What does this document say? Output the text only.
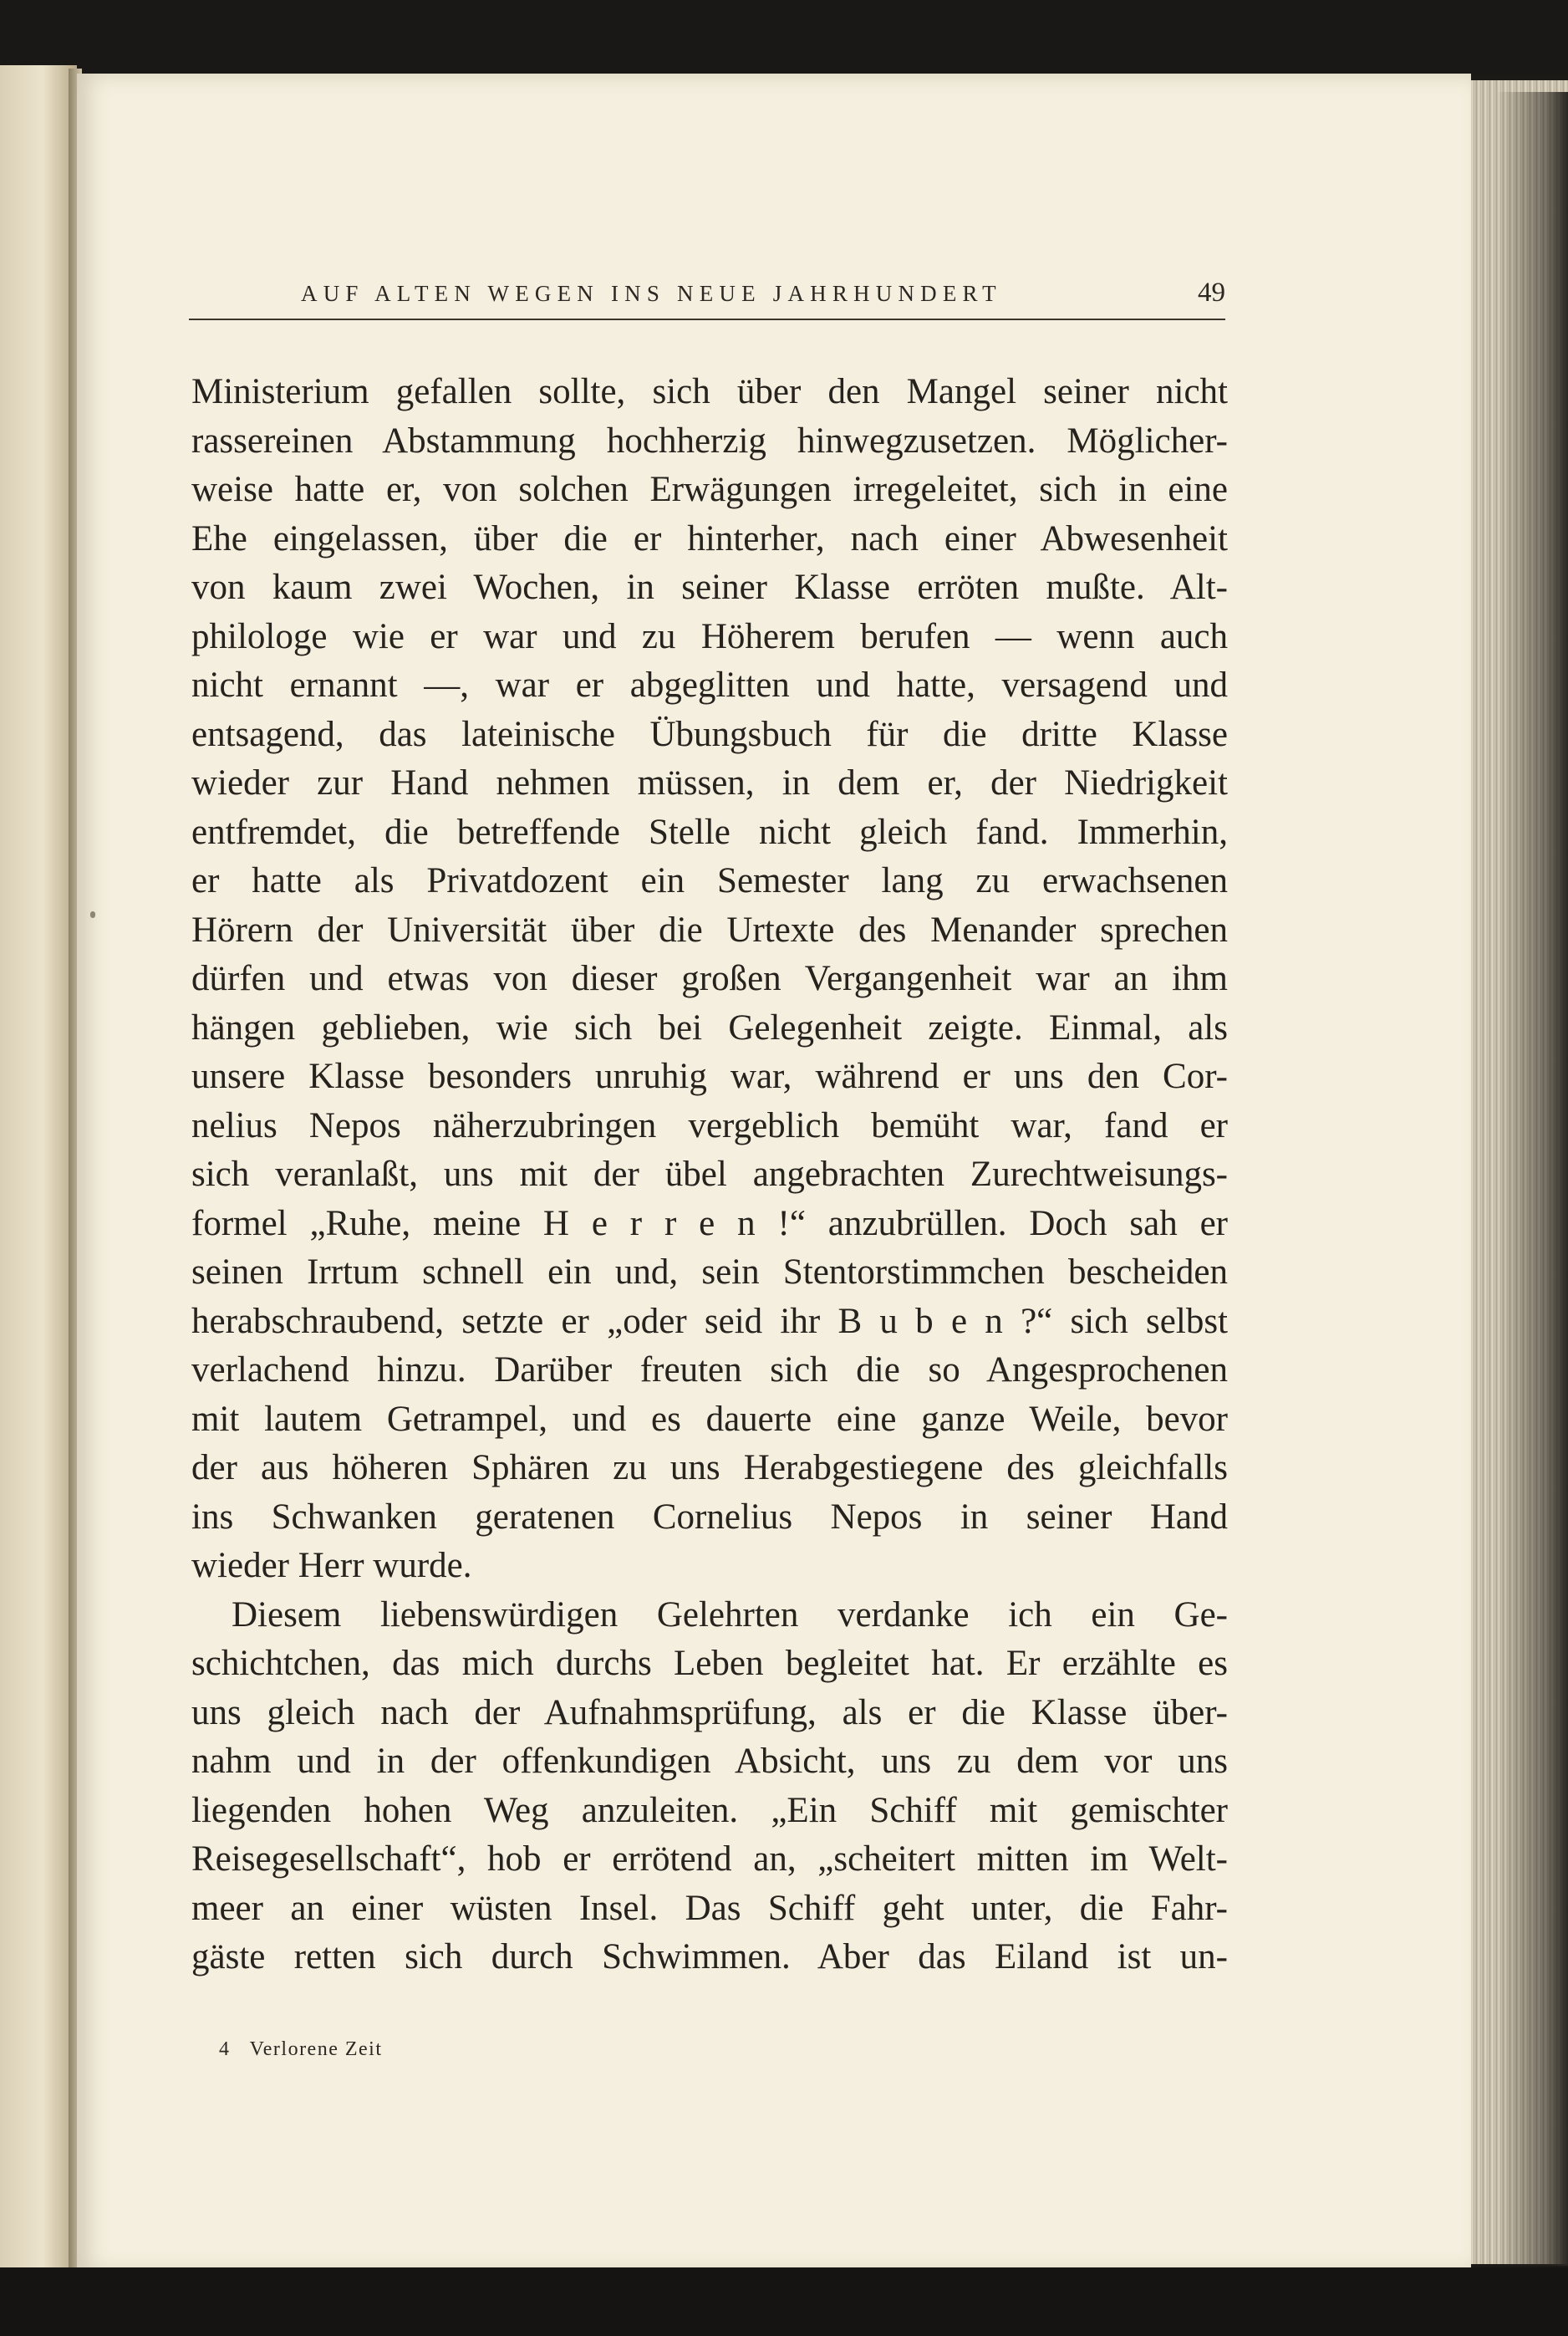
AUF ALTEN WEGEN INS NEUE JAHRHUNDERT	49
Ministerium gefallen sollte, sich über den Mangel seiner nicht
rassereinen Abstammung hochherzig hinwegzusetzen. Möglicher-
weise hatte er, von solchen Erwägungen irregeleitet, sich in eine
Ehe eingelassen, über die er hinterher, nach einer Abwesenheit
von kaum zwei Wochen, in seiner Klasse erröten mußte. Alt-
philologe wie er war und zu Höherem berufen — wenn auch
nicht ernannt —, war er abgeglitten und hatte, versagend und
entsagend, das lateinische Übungsbuch für die dritte Klasse
wieder zur Hand nehmen müssen, in dem er, der Niedrigkeit
entfremdet, die betreffende Stelle nicht gleich fand. Immerhin,
er hatte als Privatdozent ein Semester lang zu erwachsenen
Hörern der Universität über die Urtexte des Menander sprechen
dürfen und etwas von dieser großen Vergangenheit war an ihm
hängen geblieben, wie sich bei Gelegenheit zeigte. Einmal, als
unsere Klasse besonders unruhig war, während er uns den Cor-
nelius Nepos näherzubringen vergeblich bemüht war, fand er
sich veranlaßt, uns mit der übel angebrachten Zurechtweisungs-
formel „Ruhe, meine H e r r e n !“ anzubrüllen. Doch sah er
seinen Irrtum schnell ein und, sein Stentorstimmchen bescheiden
herabschraubend, setzte er „oder seid ihr B u b e n ?“ sich selbst
verlachend hinzu. Darüber freuten sich die so Angesprochenen
mit lautem Getrampel, und es dauerte eine ganze Weile, bevor
der aus höheren Sphären zu uns Herabgestiegene des gleichfalls
ins Schwanken geratenen Cornelius Nepos in seiner Hand
wieder Herr wurde.
Diesem liebenswürdigen Gelehrten verdanke ich ein Ge-
schichtchen, das mich durchs Leben begleitet hat. Er erzählte es
uns gleich nach der Aufnahmsprüfung, als er die Klasse über-
nahm und in der offenkundigen Absicht, uns zu dem vor uns
liegenden hohen Weg anzuleiten. „Ein Schiff mit gemischter
Reisegesellschaft“, hob er errötend an, „scheitert mitten im Welt-
meer an einer wüsten Insel. Das Schiff geht unter, die Fahr-
gäste retten sich durch Schwimmen. Aber das Eiland ist un-
4 Verlorene Zeit
